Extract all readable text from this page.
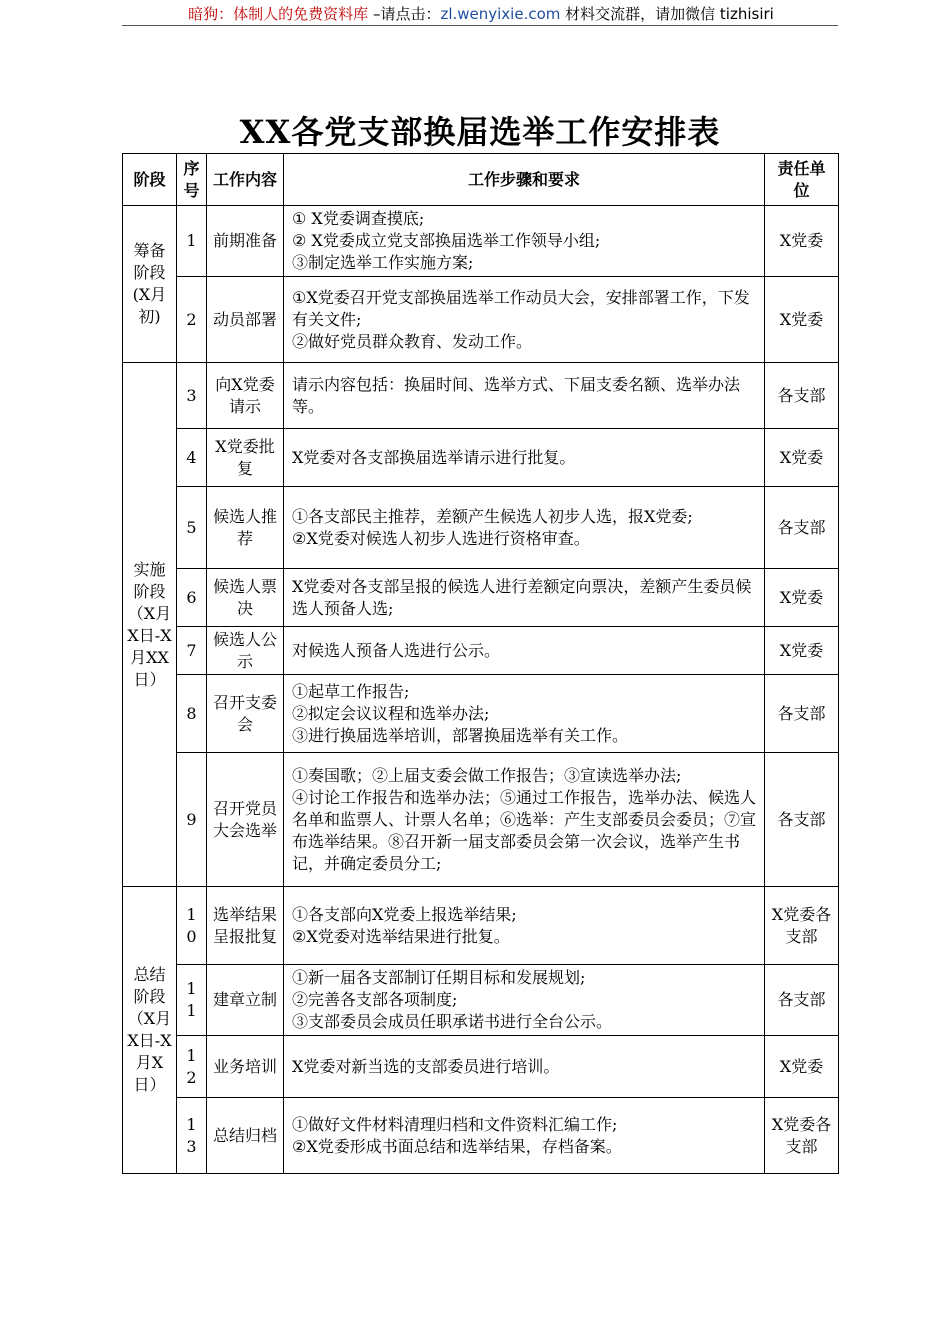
暗狗：体制人的免费资料库 –请点击：zl.wenyixie.com 材料交流群，请加微信 tizhisiri
XX各党支部换届选举工作安排表
阶段	序号	工作内容	工作步骤和要求	责任单位
筹备阶段(X月初)	1	前期准备	① X党委调查摸底;
② X党委成立党支部换届选举工作领导小组;
③制定选举工作实施方案;	X党委
	2	动员部署	①X党委召开党支部换届选举工作动员大会，安排部署工作，下发有关文件;
②做好党员群众教育、发动工作。	X党委
实施阶段（X月X日-X月XX日）	3	向X党委请示	请示内容包括：换届时间、选举方式、下届支委名额、选举办法等。	各支部
	4	X党委批复	X党委对各支部换届选举请示进行批复。	X党委
	5	候选人推荐	①各支部民主推荐，差额产生候选人初步人选，报X党委;
②X党委对候选人初步人选进行资格审查。	各支部
	6	候选人票决	X党委对各支部呈报的候选人进行差额定向票决，差额产生委员候选人预备人选;	X党委
	7	候选人公示	对候选人预备人选进行公示。	X党委
	8	召开支委会	①起草工作报告;
②拟定会议议程和选举办法;
③进行换届选举培训，部署换届选举有关工作。	各支部
	9	召开党员大会选举	①奏国歌；②上届支委会做工作报告；③宣读选举办法;
④讨论工作报告和选举办法；⑤通过工作报告，选举办法、候选人名单和监票人、计票人名单；⑥选举：产生支部委员会委员；⑦宣布选举结果。⑧召开新一届支部委员会第一次会议，选举产生书记，并确定委员分工;	各支部
总结阶段（X月X日-X月X日）	10	选举结果呈报批复	①各支部向X党委上报选举结果;
②X党委对选举结果进行批复。	X党委各支部
	11	建章立制	①新一届各支部制订任期目标和发展规划;
②完善各支部各项制度;
③支部委员会成员任职承诺书进行全台公示。	各支部
	12	业务培训	X党委对新当选的支部委员进行培训。	X党委
	13	总结归档	①做好文件材料清理归档和文件资料汇编工作;
②X党委形成书面总结和选举结果，存档备案。	X党委各支部
